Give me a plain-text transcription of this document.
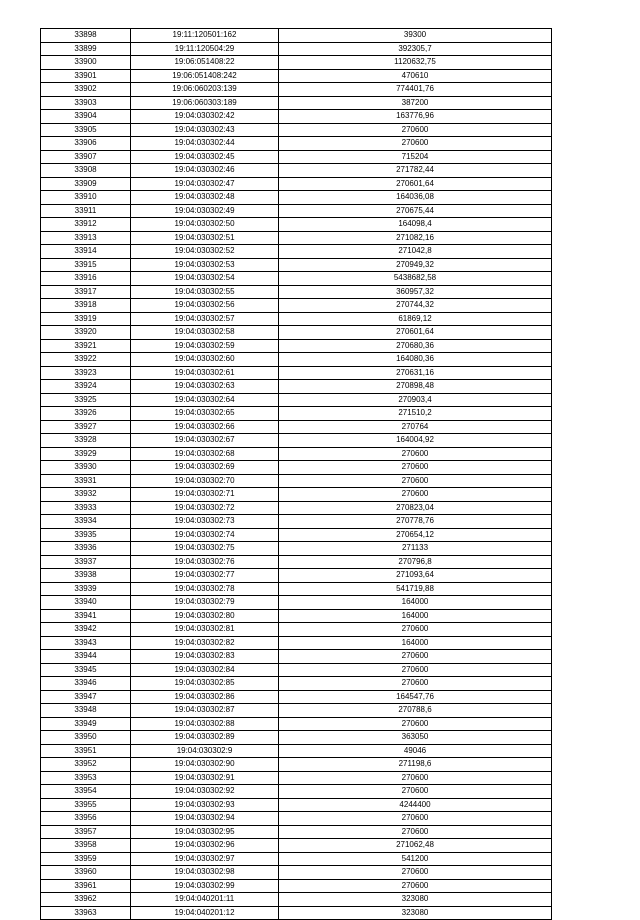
33898	19:11:120501:162	39300
33899	19:11:120504:29	392305,7
33900	19:06:051408:22	1120632,75
33901	19:06:051408:242	470610
33902	19:06:060203:139	774401,76
33903	19:06:060303:189	387200
33904	19:04:030302:42	163776,96
33905	19:04:030302:43	270600
33906	19:04:030302:44	270600
33907	19:04:030302:45	715204
33908	19:04:030302:46	271782,44
33909	19:04:030302:47	270601,64
33910	19:04:030302:48	164036,08
33911	19:04:030302:49	270675,44
33912	19:04:030302:50	164098,4
33913	19:04:030302:51	271082,16
33914	19:04:030302:52	271042,8
33915	19:04:030302:53	270949,32
33916	19:04:030302:54	5438682,58
33917	19:04:030302:55	360957,32
33918	19:04:030302:56	270744,32
33919	19:04:030302:57	61869,12
33920	19:04:030302:58	270601,64
33921	19:04:030302:59	270680,36
33922	19:04:030302:60	164080,36
33923	19:04:030302:61	270631,16
33924	19:04:030302:63	270898,48
33925	19:04:030302:64	270903,4
33926	19:04:030302:65	271510,2
33927	19:04:030302:66	270764
33928	19:04:030302:67	164004,92
33929	19:04:030302:68	270600
33930	19:04:030302:69	270600
33931	19:04:030302:70	270600
33932	19:04:030302:71	270600
33933	19:04:030302:72	270823,04
33934	19:04:030302:73	270778,76
33935	19:04:030302:74	270654,12
33936	19:04:030302:75	271133
33937	19:04:030302:76	270796,8
33938	19:04:030302:77	271093,64
33939	19:04:030302:78	541719,88
33940	19:04:030302:79	164000
33941	19:04:030302:80	164000
33942	19:04:030302:81	270600
33943	19:04:030302:82	164000
33944	19:04:030302:83	270600
33945	19:04:030302:84	270600
33946	19:04:030302:85	270600
33947	19:04:030302:86	164547,76
33948	19:04:030302:87	270788,6
33949	19:04:030302:88	270600
33950	19:04:030302:89	363050
33951	19:04:030302:9	49046
33952	19:04:030302:90	271198,6
33953	19:04:030302:91	270600
33954	19:04:030302:92	270600
33955	19:04:030302:93	4244400
33956	19:04:030302:94	270600
33957	19:04:030302:95	270600
33958	19:04:030302:96	271062,48
33959	19:04:030302:97	541200
33960	19:04:030302:98	270600
33961	19:04:030302:99	270600
33962	19:04:040201:11	323080
33963	19:04:040201:12	323080
